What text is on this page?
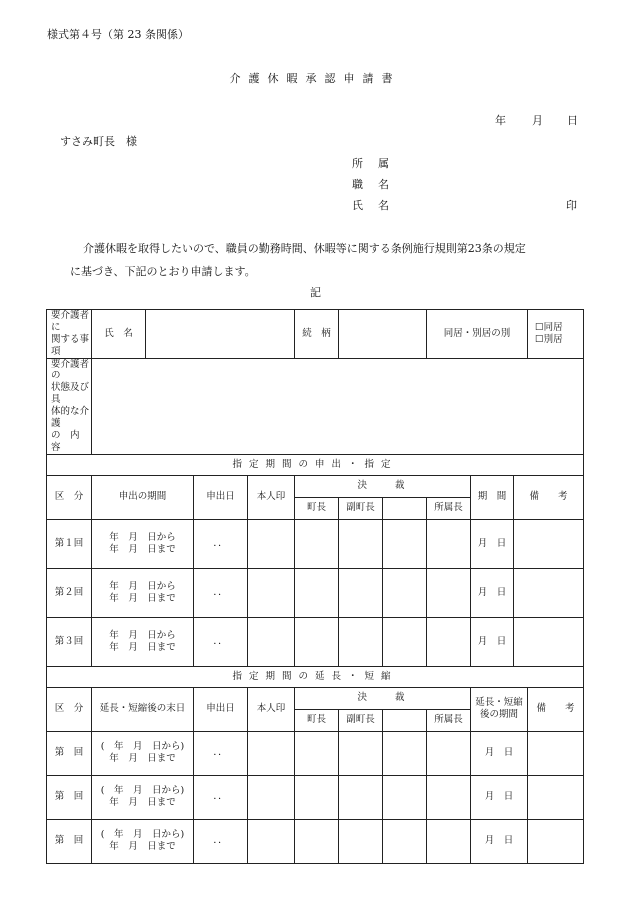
様式第４号（第 23 条関係）
介護休暇承認申請書
年 月 日
すさみ町長　様
所　属
職　名
氏　名	印
介護休暇を取得したいので、職員の勤務時間、休暇等に関する条例施行規則第23条の規定
に基づき、下記のとおり申請します。
記
要介護者に
関する事項	氏　名				続　柄			同居・別居の別			☐同居
☐別居

要介護者の
状態及び具
体的な介護
の　内　容											

指定期間の申出・指定											
区　分	申出の期間		申出日	本人印	決　　裁				期　間	備　　考	
					町長	副町長		所属長			
第１回	年　月　日から
年　月　日まで		．．						月　日		
第２回	年　月　日から
年　月　日まで		．．						月　日		
第３回	年　月　日から
年　月　日まで		．．						月　日		
指定期間の延長・短縮											
区　分	延長・短縮後の末日		申出日	本人印	決　　裁				延長・短縮
後の期間		備　　考
					町長	副町長		所属長			
第　回	(　年　月　日から)
年　月　日まで		．．						月　日		
第　回	(　年　月　日から)
年　月　日まで		．．						月　日		
第　回	(　年　月　日から)
年　月　日まで		．．						月　日		
